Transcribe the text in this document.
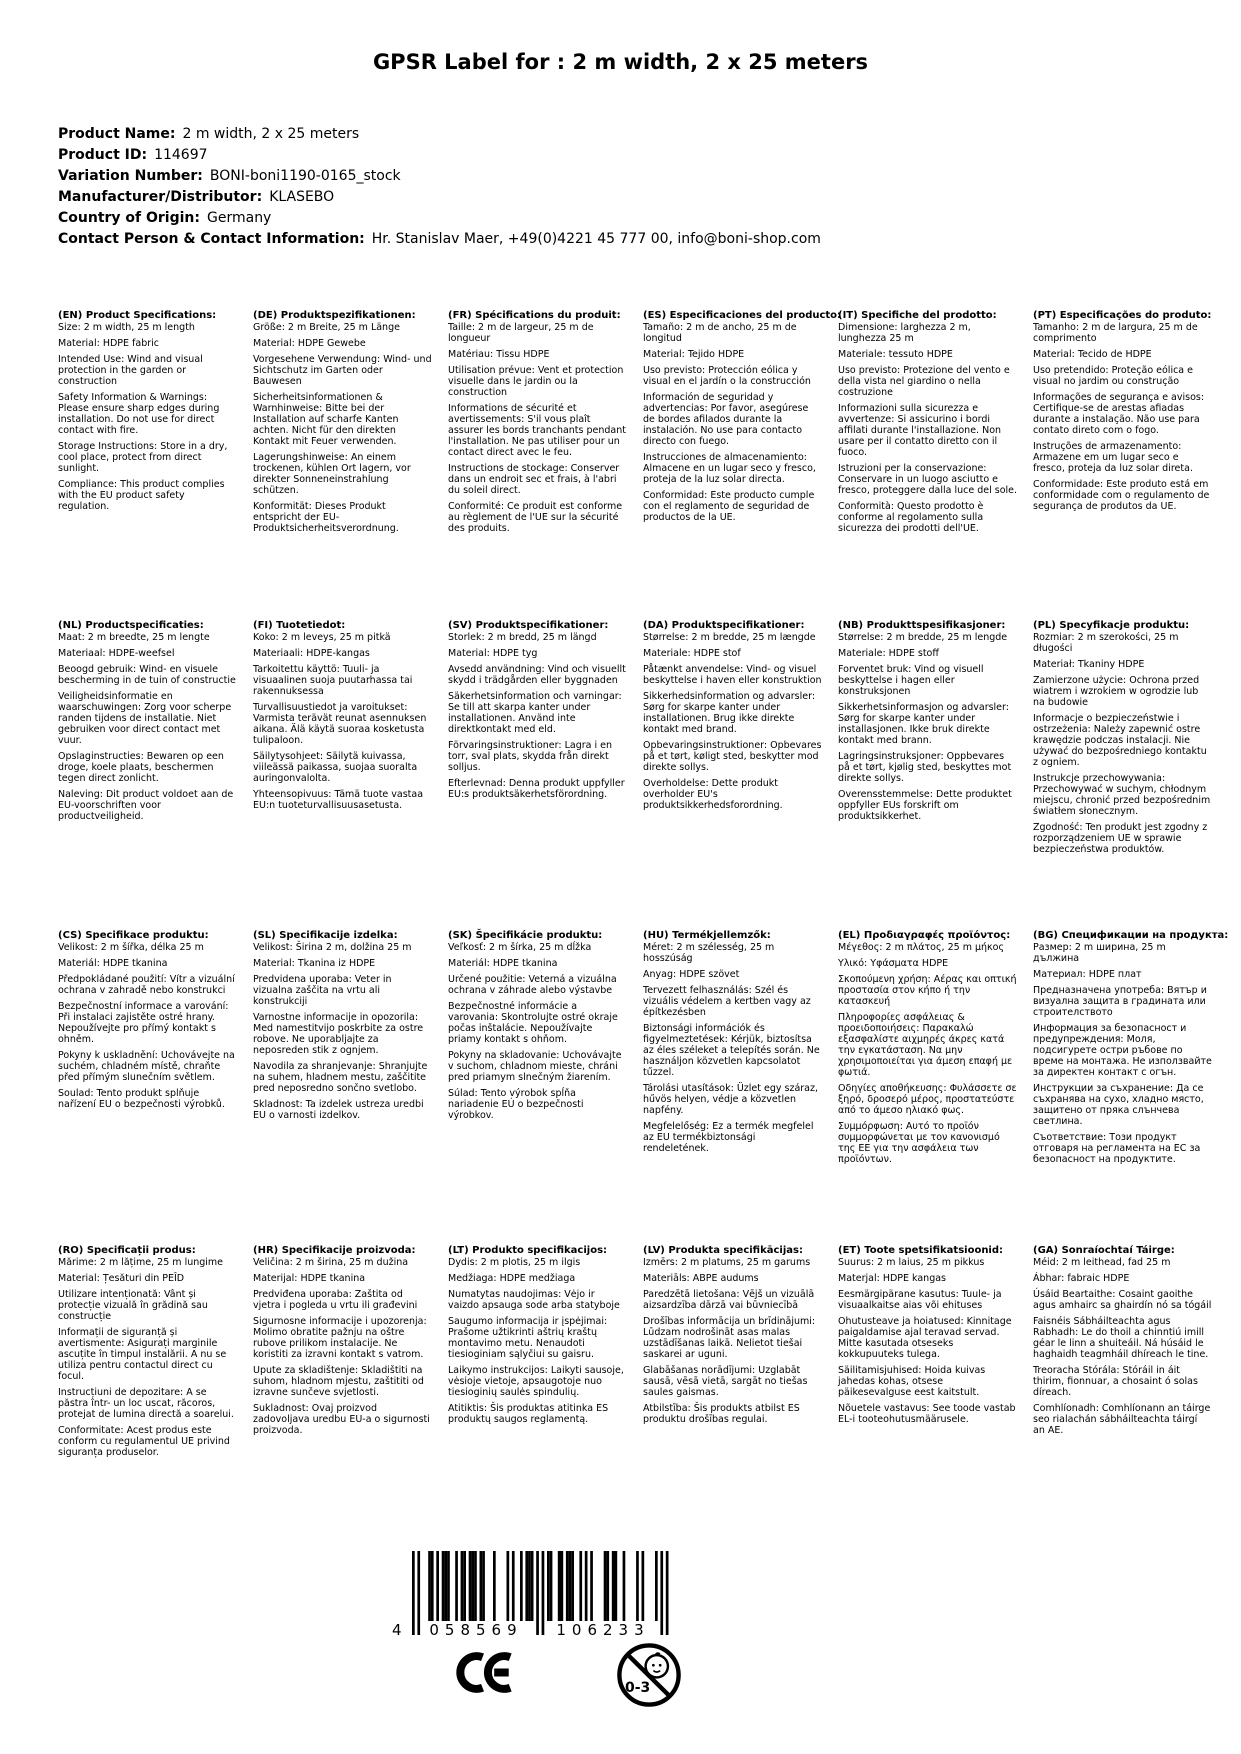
GPSR Label for : 2 m width, 2 x 25 meters
Product Name: 2 m width, 2 x 25 meters
Product ID: 114697
Variation Number: BONI-boni1190-0165_stock
Manufacturer/Distributor: KLASEBO
Country of Origin: Germany
Contact Person & Contact Information: Hr. Stanislav Maer, +49(0)4221 45 777 00, info@boni-shop.com
(EN) Product Specifications:

Size: 2 m width, 25 m length

Material: HDPE fabric

Intended Use: Wind and visual protection in the garden or construction

Safety Information & Warnings: Please ensure sharp edges during installation. Do not use for direct contact with fire.

Storage Instructions: Store in a dry, cool place, protect from direct sunlight.

Compliance: This product complies with the EU product safety regulation.

(DE) Produktspezifikationen:

Größe: 2 m Breite, 25 m Länge

Material: HDPE Gewebe

Vorgesehene Verwendung: Wind- und Sichtschutz im Garten oder Bauwesen

Sicherheitsinformationen & Warnhinweise: Bitte bei der Installation auf scharfe Kanten achten. Nicht für den direkten Kontakt mit Feuer verwenden.

Lagerungshinweise: An einem trockenen, kühlen Ort lagern, vor direkter Sonneneinstrahlung schützen.

Konformität: Dieses Produkt entspricht der EU-Produktsicherheitsverordnung.

(FR) Spécifications du produit:

Taille: 2 m de largeur, 25 m de longueur

Matériau: Tissu HDPE

Utilisation prévue: Vent et protection visuelle dans le jardin ou la construction

Informations de sécurité et avertissements: S'il vous plaît assurer les bords tranchants pendant l'installation. Ne pas utiliser pour un contact direct avec le feu.

Instructions de stockage: Conserver dans un endroit sec et frais, à l'abri du soleil direct.

Conformité: Ce produit est conforme au règlement de l'UE sur la sécurité des produits.

(ES) Especificaciones del producto:

Tamaño: 2 m de ancho, 25 m de longitud

Material: Tejido HDPE

Uso previsto: Protección eólica y visual en el jardín o la construcción

Información de seguridad y advertencias: Por favor, asegúrese de bordes afilados durante la instalación. No use para contacto directo con fuego.

Instrucciones de almacenamiento: Almacene en un lugar seco y fresco, proteja de la luz solar directa.

Conformidad: Este producto cumple con el reglamento de seguridad de productos de la UE.

(IT) Specifiche del prodotto:

Dimensione: larghezza 2 m, lunghezza 25 m

Materiale: tessuto HDPE

Uso previsto: Protezione del vento e della vista nel giardino o nella costruzione

Informazioni sulla sicurezza e avvertenze: Si assicurino i bordi affilati durante l'installazione. Non usare per il contatto diretto con il fuoco.

Istruzioni per la conservazione: Conservare in un luogo asciutto e fresco, proteggere dalla luce del sole.

Conformità: Questo prodotto è conforme al regolamento sulla sicurezza dei prodotti dell'UE.

(PT) Especificações do produto:

Tamanho: 2 m de largura, 25 m de comprimento

Material: Tecido de HDPE

Uso pretendido: Proteção eólica e visual no jardim ou construção

Informações de segurança e avisos: Certifique-se de arestas afiadas durante a instalação. Não use para contato direto com o fogo.

Instruções de armazenamento: Armazene em um lugar seco e fresco, proteja da luz solar direta.

Conformidade: Este produto está em conformidade com o regulamento de segurança de produtos da UE.

(NL) Productspecificaties:

Maat: 2 m breedte, 25 m lengte

Materiaal: HDPE-weefsel

Beoogd gebruik: Wind- en visuele bescherming in de tuin of constructie

Veiligheidsinformatie en waarschuwingen: Zorg voor scherpe randen tijdens de installatie. Niet gebruiken voor direct contact met vuur.

Opslaginstructies: Bewaren op een droge, koele plaats, beschermen tegen direct zonlicht.

Naleving: Dit product voldoet aan de EU-voorschriften voor productveiligheid.

(FI) Tuotetiedot:

Koko: 2 m leveys, 25 m pitkä

Materiaali: HDPE-kangas

Tarkoitettu käyttö: Tuuli- ja visuaalinen suoja puutarhassa tai rakennuksessa

Turvallisuustiedot ja varoitukset: Varmista terävät reunat asennuksen aikana. Älä käytä suoraa kosketusta tulipaloon.

Säilytysohjeet: Säilytä kuivassa, viileässä paikassa, suojaa suoralta auringonvalolta.

Yhteensopivuus: Tämä tuote vastaa EU:n tuoteturvallisuusasetusta.

(SV) Produktspecifikationer:

Storlek: 2 m bredd, 25 m längd

Material: HDPE tyg

Avsedd användning: Vind och visuellt skydd i trädgården eller byggnaden

Säkerhetsinformation och varningar: Se till att skarpa kanter under installationen. Använd inte direktkontakt med eld.

Förvaringsinstruktioner: Lagra i en torr, sval plats, skydda från direkt solljus.

Efterlevnad: Denna produkt uppfyller EU:s produktsäkerhetsförordning.

(DA) Produktspecifikationer:

Størrelse: 2 m bredde, 25 m længde

Materiale: HDPE stof

Påtænkt anvendelse: Vind- og visuel beskyttelse i haven eller konstruktion

Sikkerhedsinformation og advarsler: Sørg for skarpe kanter under installationen. Brug ikke direkte kontakt med brand.

Opbevaringsinstruktioner: Opbevares på et tørt, køligt sted, beskytter mod direkte sollys.

Overholdelse: Dette produkt overholder EU's produktsikkerhedsforordning.

(NB) Produkttspesifikasjoner:

Størrelse: 2 m bredde, 25 m lengde

Materiale: HDPE stoff

Forventet bruk: Vind og visuell beskyttelse i hagen eller konstruksjonen

Sikkerhetsinformasjon og advarsler: Sørg for skarpe kanter under installasjonen. Ikke bruk direkte kontakt med brann.

Lagringsinstruksjoner: Oppbevares på et tørt, kjølig sted, beskyttes mot direkte sollys.

Overensstemmelse: Dette produktet oppfyller EUs forskrift om produktsikkerhet.

(PL) Specyfikacje produktu:

Rozmiar: 2 m szerokości, 25 m długości

Materiał: Tkaniny HDPE

Zamierzone użycie: Ochrona przed wiatrem i wzrokiem w ogrodzie lub na budowie

Informacje o bezpieczeństwie i ostrzeżenia: Należy zapewnić ostre krawędzie podczas instalacji. Nie używać do bezpośredniego kontaktu z ogniem.

Instrukcje przechowywania: Przechowywać w suchym, chłodnym miejscu, chronić przed bezpośrednim światłem słonecznym.

Zgodność: Ten produkt jest zgodny z rozporządzeniem UE w sprawie bezpieczeństwa produktów.

(CS) Specifikace produktu:

Velikost: 2 m šířka, délka 25 m

Materiál: HDPE tkanina

Předpokládané použití: Vítr a vizuální ochrana v zahradě nebo konstrukci

Bezpečnostní informace a varování: Při instalaci zajistěte ostré hrany. Nepoužívejte pro přímý kontakt s ohněm.

Pokyny k uskladnění: Uchovávejte na suchém, chladném místě, chraňte před přímým slunečním světlem.

Soulad: Tento produkt splňuje nařízení EU o bezpečnosti výrobků.

(SL) Specifikacije izdelka:

Velikost: Širina 2 m, dolžina 25 m

Material: Tkanina iz HDPE

Predvidena uporaba: Veter in vizualna zaščita na vrtu ali konstrukciji

Varnostne informacije in opozorila: Med namestitvijo poskrbite za ostre robove. Ne uporabljajte za neposreden stik z ognjem.

Navodila za shranjevanje: Shranjujte na suhem, hladnem mestu, zaščitite pred neposredno sončno svetlobo.

Skladnost: Ta izdelek ustreza uredbi EU o varnosti izdelkov.

(SK) Špecifikácie produktu:

Veľkosť: 2 m šírka, 25 m dĺžka

Materiál: HDPE tkanina

Určené použitie: Veterná a vizuálna ochrana v záhrade alebo výstavbe

Bezpečnostné informácie a varovania: Skontrolujte ostré okraje počas inštalácie. Nepoužívajte priamy kontakt s ohňom.

Pokyny na skladovanie: Uchovávajte v suchom, chladnom mieste, chráni pred priamym slnečným žiarením.

Súlad: Tento výrobok spĺňa nariadenie EÚ o bezpečnosti výrobkov.

(HU) Termékjellemzők:

Méret: 2 m szélesség, 25 m hosszúság

Anyag: HDPE szövet

Tervezett felhasználás: Szél és vizuális védelem a kertben vagy az építkezésben

Biztonsági információk és figyelmeztetések: Kérjük, biztosítsa az éles széleket a telepítés során. Ne használjon közvetlen kapcsolatot tűzzel.

Tárolási utasítások: Üzlet egy száraz, hűvös helyen, védje a közvetlen napfény.

Megfelelőség: Ez a termék megfelel az EU termékbiztonsági rendeletének.

(EL) Προδιαγραφές προϊόντος:

Μέγεθος: 2 m πλάτος, 25 m μήκος

Υλικό: Υφάσματα HDPE

Σκοπούμενη χρήση: Αέρας και οπτική προστασία στον κήπο ή την κατασκευή

Πληροφορίες ασφάλειας & προειδοποιήσεις: Παρακαλώ εξασφαλίστε αιχμηρές άκρες κατά την εγκατάσταση. Να μην χρησιμοποιείται για άμεση επαφή με φωτιά.

Οδηγίες αποθήκευσης: Φυλάσσετε σε ξηρό, δροσερό μέρος, προστατεύστε από το άμεσο ηλιακό φως.

Συμμόρφωση: Αυτό το προϊόν συμμορφώνεται με τον κανονισμό της ΕΕ για την ασφάλεια των προϊόντων.

(BG) Спецификации на продукта:

Размер: 2 m ширина, 25 m дължина

Материал: HDPE плат

Предназначена употреба: Вятър и визуална защита в градината или строителството

Информация за безопасност и предупреждения: Моля, подсигурете остри ръбове по време на монтажа. Не използвайте за директен контакт с огън.

Инструкции за съхранение: Да се съхранява на сухо, хладно място, защитено от пряка слънчева светлина.

Съответствие: Този продукт отговаря на регламента на ЕС за безопасност на продуктите.

(RO) Specificații produs:

Mărime: 2 m lățime, 25 m lungime

Material: Țesături din PEÎD

Utilizare intenționată: Vânt și protecție vizuală în grădină sau construcție

Informații de siguranță și avertismente: Asigurați marginile ascuțite în timpul instalării. A nu se utiliza pentru contactul direct cu focul.

Instrucțiuni de depozitare: A se păstra într- un loc uscat, răcoros, protejat de lumina directă a soarelui.

Conformitate: Acest produs este conform cu regulamentul UE privind siguranța produselor.

(HR) Specifikacije proizvoda:

Veličina: 2 m širina, 25 m dužina

Materijal: HDPE tkanina

Predviđena uporaba: Zaštita od vjetra i pogleda u vrtu ili građevini

Sigurnosne informacije i upozorenja: Molimo obratite pažnju na oštre rubove prilikom instalacije. Ne koristiti za izravni kontakt s vatrom.

Upute za skladištenje: Skladištiti na suhom, hladnom mjestu, zaštititi od izravne sunčeve svjetlosti.

Sukladnost: Ovaj proizvod zadovoljava uredbu EU-a o sigurnosti proizvoda.

(LT) Produkto specifikacijos:

Dydis: 2 m plotis, 25 m ilgis

Medžiaga: HDPE medžiaga

Numatytas naudojimas: Vėjo ir vaizdo apsauga sode arba statyboje

Saugumo informacija ir įspėjimai: Prašome užtikrinti aštrių kraštų montavimo metu. Nenaudoti tiesioginiam sąlyčiui su gaisru.

Laikymo instrukcijos: Laikyti sausoje, vėsioje vietoje, apsaugotoje nuo tiesioginių saulės spindulių.

Atitiktis: Šis produktas atitinka ES produktų saugos reglamentą.

(LV) Produkta specifikācijas:

Izmērs: 2 m platums, 25 m garums

Materiāls: ABPE audums

Paredzētā lietošana: Vējš un vizuālā aizsardzība dārzā vai būvniecībā

Drošības informācija un brīdinājumi: Lūdzam nodrošināt asas malas uzstādīšanas laikā. Nelietot tiešai saskarei ar uguni.

Glabāšanas norādījumi: Uzglabāt sausā, vēsā vietā, sargāt no tiešas saules gaismas.

Atbilstība: Šis produkts atbilst ES produktu drošības regulai.

(ET) Toote spetsifikatsioonid:

Suurus: 2 m laius, 25 m pikkus

Materjal: HDPE kangas

Eesmärgipärane kasutus: Tuule- ja visuaalkaitse aias või ehituses

Ohutusteave ja hoiatused: Kinnitage paigaldamise ajal teravad servad. Mitte kasutada otseseks kokkupuuteks tulega.

Säilitamisjuhised: Hoida kuivas jahedas kohas, otsese päikesevalguse eest kaitstult.

Nõuetele vastavus: See toode vastab EL-i tooteohutusmäärusele.

(GA) Sonraíochtaí Táirge:

Méid: 2 m leithead, fad 25 m

Ábhar: fabraic HDPE

Úsáid Beartaithe: Cosaint gaoithe agus amhairc sa ghairdín nó sa tógáil

Faisnéis Sábháilteachta agus Rabhadh: Le do thoil a chinntiú imill géar le linn a shuiteáil. Ná húsáid le haghaidh teagmháil dhíreach le tine.

Treoracha Stórála: Stóráil in áit thirim, fionnuar, a chosaint ó solas díreach.

Comhlíonadh: Comhlíonann an táirge seo rialachán sábháilteachta táirgí an AE.

4	058569	106233
0-3
